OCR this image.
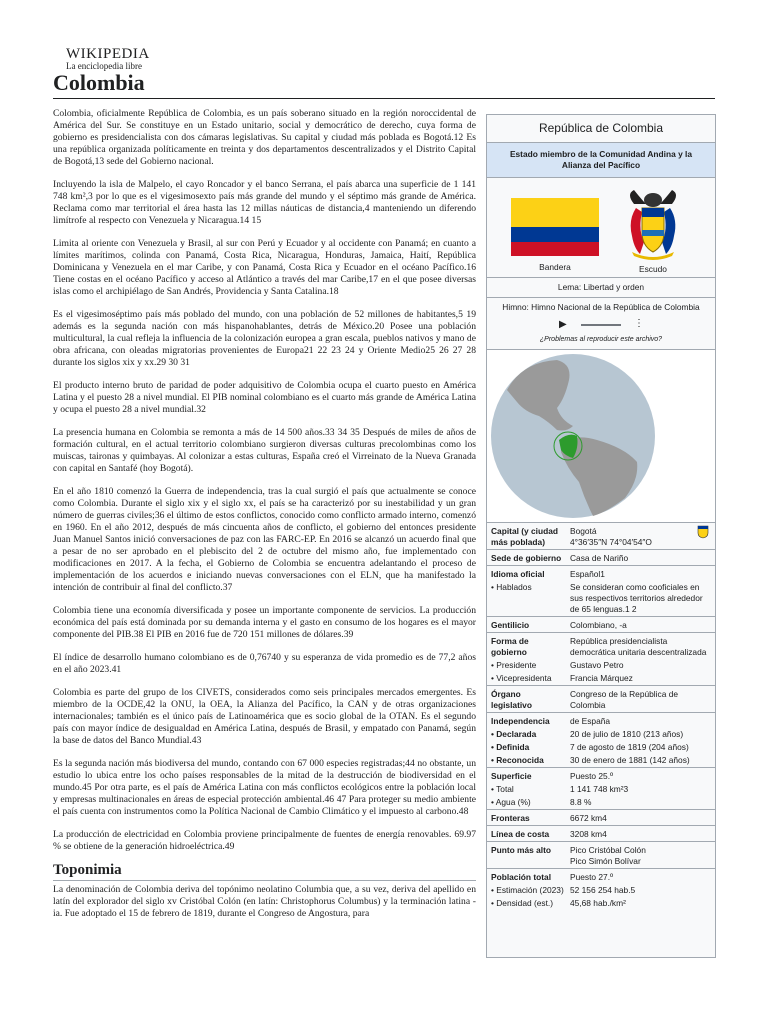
WIKIPEDIA
La enciclopedia libre
Colombia

Colombia, oficialmente República de Colombia, es un país soberano situado en la región noroccidental de América del Sur. Se constituye en un Estado unitario, social y democrático de derecho, cuya forma de gobierno es presidencialista con dos cámaras legislativas. Su capital y ciudad más poblada es Bogotá.12 Es una república organizada políticamente en treinta y dos departamentos descentralizados y el Distrito Capital de Bogotá,13 sede del Gobierno nacional.

Incluyendo la isla de Malpelo, el cayo Roncador y el banco Serrana, el país abarca una superficie de 1 141 748 km²,3 por lo que es el vigesimosexto país más grande del mundo y el séptimo más grande de América. Reclama como mar territorial el área hasta las 12 millas náuticas de distancia,4 manteniendo un diferendo limítrofe al respecto con Venezuela y Nicaragua.14 15

Limita al oriente con Venezuela y Brasil, al sur con Perú y Ecuador y al occidente con Panamá; en cuanto a límites marítimos, colinda con Panamá, Costa Rica, Nicaragua, Honduras, Jamaica, Haití, República Dominicana y Venezuela en el mar Caribe, y con Panamá, Costa Rica y Ecuador en el océano Pacífico.16 Tiene costas en el océano Pacífico y acceso al Atlántico a través del mar Caribe,17 en el que posee diversas islas como el archipiélago de San Andrés, Providencia y Santa Catalina.18

Es el vigesimoséptimo país más poblado del mundo, con una población de 52 millones de habitantes,5 19 además es la segunda nación con más hispanohablantes, detrás de México.20 Posee una población multicultural, la cual refleja la influencia de la colonización europea a gran escala, pueblos nativos y mano de obra africana, con oleadas migratorias provenientes de Europa21 22 23 24 y Oriente Medio25 26 27 28 durante los siglos xix y xx.29 30 31

El producto interno bruto de paridad de poder adquisitivo de Colombia ocupa el cuarto puesto en América Latina y el puesto 28 a nivel mundial. El PIB nominal colombiano es el cuarto más grande de América Latina y ocupa el puesto 28 a nivel mundial.32

La presencia humana en Colombia se remonta a más de 14 500 años.33 34 35 Después de miles de años de formación cultural, en el actual territorio colombiano surgieron diversas culturas precolombinas como los muiscas, taironas y quimbayas. Al colonizar a estas culturas, España creó el Virreinato de la Nueva Granada con capital en Santafé (hoy Bogotá).

En el año 1810 comenzó la Guerra de independencia, tras la cual surgió el país que actualmente se conoce como Colombia. Durante el siglo xix y el siglo xx, el país se ha caracterizó por su inestabilidad y un gran número de guerras civiles;36 el último de estos conflictos, conocido como conflicto armado interno, comenzó en 1960. En el año 2012, después de más cincuenta años de conflicto, el gobierno del entonces presidente Juan Manuel Santos inició conversaciones de paz con las FARC-EP. En 2016 se alcanzó un acuerdo final que a pesar de no ser aprobado en el plebiscito del 2 de octubre del mismo año, fue implementado con modificaciones en 2017. A la fecha, el Gobierno de Colombia se encuentra adelantando el proceso de implementación de los acuerdos e iniciando nuevas conversaciones con el ELN, que ha manifestado la intención de contribuir al final del conflicto.37

Colombia tiene una economía diversificada y posee un importante componente de servicios. La producción económica del país está dominada por su demanda interna y el gasto en consumo de los hogares es el mayor componente del PIB.38 El PIB en 2016 fue de 720 151 millones de dólares.39

El índice de desarrollo humano colombiano es de 0,76740 y su esperanza de vida promedio es de 77,2 años en el año 2023.41

Colombia es parte del grupo de los CIVETS, considerados como seis principales mercados emergentes. Es miembro de la OCDE,42 la ONU, la OEA, la Alianza del Pacífico, la CAN y de otras organizaciones internacionales; también es el único país de Latinoamérica que es socio global de la OTAN. Es el segundo país con mayor índice de desigualdad en América Latina, después de Brasil, y empatado con Panamá, según la base de datos del Banco Mundial.43

Es la segunda nación más biodiversa del mundo, contando con 67 000 especies registradas;44 no obstante, un estudio lo ubica entre los ocho países responsables de la mitad de la destrucción de biodiversidad en el mundo.45 Por otra parte, es el país de América Latina con más conflictos ecológicos entre la población local y empresas multinacionales en áreas de especial protección ambiental.46 47 Para proteger su medio ambiente el país cuenta con instrumentos como la Política Nacional de Cambio Climático y el impuesto al carbono.48

La producción de electricidad en Colombia proviene principalmente de fuentes de energía renovables. 69.97 % se obtiene de la generación hidroeléctrica.49

Toponimia

La denominación de Colombia deriva del topónimo neolatino Columbia que, a su vez, deriva del apellido en latín del explorador del siglo xv Cristóbal Colón (en latín: Christophorus Columbus) y la terminación latina -ia. Fue adoptado el 15 de febrero de 1819, durante el Congreso de Angostura, para

República de Colombia
Estado miembro de la Comunidad Andina y la Alianza del Pacífico
Bandera	Escudo
Lema: Libertad y orden
Himno: Himno Nacional de la República de Colombia
▶	⋮
¿Problemas al reproducir este archivo?
Capital (y ciudad más poblada)	Bogotá

4°36′35″N 74°04′54″O
Sede de gobierno	Casa de Nariño
Idioma oficial	Español1
• Hablados	Se consideran como cooficiales en sus respectivos territorios alrededor de 65 lenguas.1 2
Gentilicio	Colombiano, -a
Forma de gobierno	República presidencialista democrática unitaria descentralizada
• Presidente	Gustavo Petro
• Vicepresidenta	Francia Márquez
Órgano legislativo	Congreso de la República de Colombia
Independencia	de España
• Declarada	20 de julio de 1810 (213 años)
• Definida	7 de agosto de 1819 (204 años)
• Reconocida	30 de enero de 1881 (142 años)
Superficie	Puesto 25.º
• Total	1 141 748 km²3
• Agua (%)	8.8 %
Fronteras	6672 km4
Línea de costa	3208 km4
Punto más alto	Pico Cristóbal Colón
Pico Simón Bolívar
Población total	Puesto 27.º
• Estimación (2023)	52 156 254 hab.5
• Densidad (est.)	45,68 hab./km²
